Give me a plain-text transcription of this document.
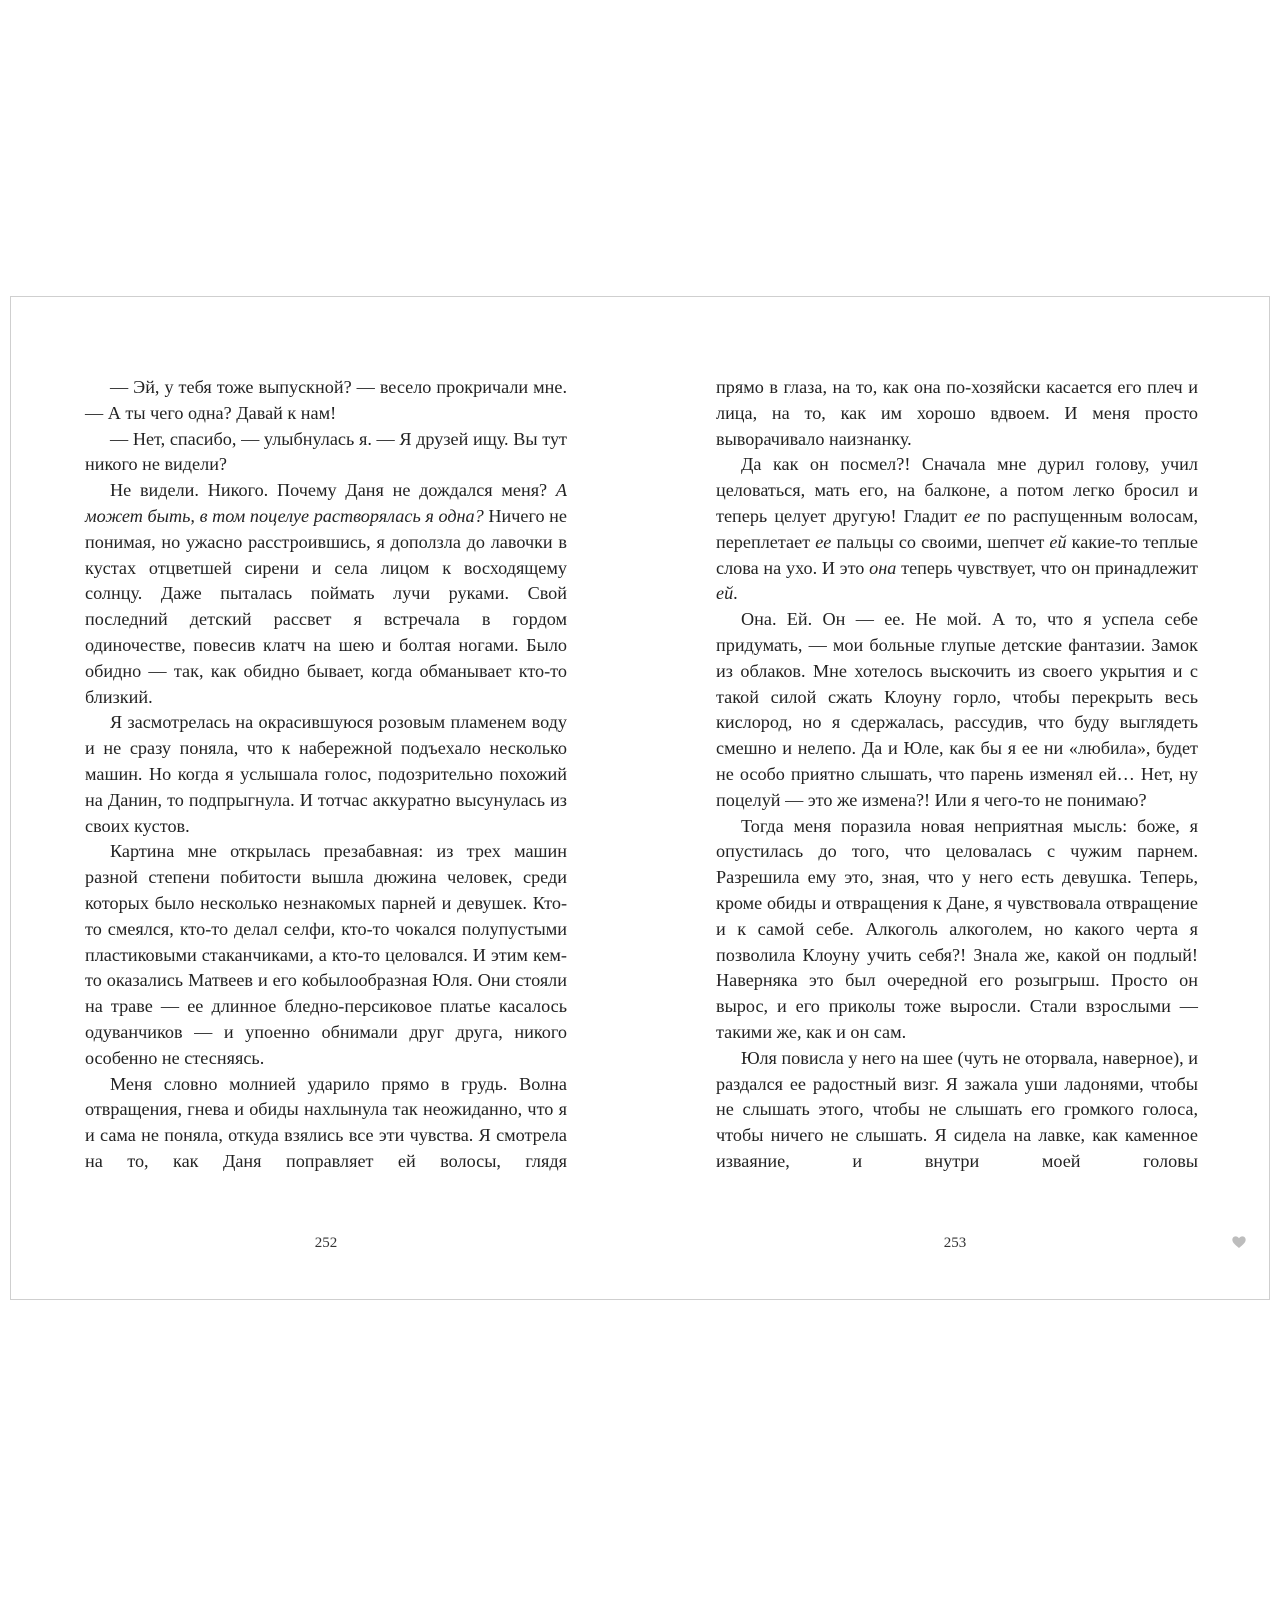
— Эй, у тебя тоже выпускной? — весело прокричали мне. — А ты чего одна? Давай к нам!

— Нет, спасибо, — улыбнулась я. — Я друзей ищу. Вы тут никого не видели?

Не видели. Никого. Почему Даня не дождался меня? А может быть, в том поцелуе растворялась я одна? Ничего не понимая, но ужасно расстроившись, я доползла до лавочки в кустах отцветшей сирени и села лицом к восходящему солнцу. Даже пыталась поймать лучи руками. Свой последний детский рассвет я встречала в гордом одиночестве, повесив клатч на шею и болтая ногами. Было обидно — так, как обидно бывает, когда обманывает кто-то близкий.

Я засмотрелась на окрасившуюся розовым пламенем воду и не сразу поняла, что к набережной подъехало несколько машин. Но когда я услышала голос, подозрительно похожий на Данин, то подпрыгнула. И тотчас аккуратно высунулась из своих кустов.

Картина мне открылась презабавная: из трех машин разной степени побитости вышла дюжина человек, среди которых было несколько незнакомых парней и девушек. Кто-то смеялся, кто-то делал селфи, кто-то чокался полупустыми пластиковыми стаканчиками, а кто-то целовался. И этим кем-то оказались Матвеев и его кобылообразная Юля. Они стояли на траве — ее длинное бледно-персиковое платье касалось одуванчиков — и упоенно обнимали друг друга, никого особенно не стесняясь.

Меня словно молнией ударило прямо в грудь. Волна отвращения, гнева и обиды нахлынула так неожиданно, что я и сама не поняла, откуда взялись все эти чувства. Я смотрела на то, как Даня поправляет ей волосы, глядя

252

прямо в глаза, на то, как она по-хозяйски касается его плеч и лица, на то, как им хорошо вдвоем. И меня просто выворачивало наизнанку.

Да как он посмел?! Сначала мне дурил голову, учил целоваться, мать его, на балконе, а потом легко бросил и теперь целует другую! Гладит ее по распущенным волосам, переплетает ее пальцы со своими, шепчет ей какие-то теплые слова на ухо. И это она теперь чувствует, что он принадлежит ей.

Она. Ей. Он — ее. Не мой. А то, что я успела себе придумать, — мои больные глупые детские фантазии. Замок из облаков. Мне хотелось выскочить из своего укрытия и с такой силой сжать Клоуну горло, чтобы перекрыть весь кислород, но я сдержалась, рассудив, что буду выглядеть смешно и нелепо. Да и Юле, как бы я ее ни «любила», будет не особо приятно слышать, что парень изменял ей… Нет, ну поцелуй — это же измена?! Или я чего-то не понимаю?

Тогда меня поразила новая неприятная мысль: боже, я опустилась до того, что целовалась с чужим парнем. Разрешила ему это, зная, что у него есть девушка. Теперь, кроме обиды и отвращения к Дане, я чувствовала отвращение и к самой себе. Алкоголь алкоголем, но какого черта я позволила Клоуну учить себя?! Знала же, какой он подлый! Наверняка это был очередной его розыгрыш. Просто он вырос, и его приколы тоже выросли. Стали взрослыми — такими же, как и он сам.

Юля повисла у него на шее (чуть не оторвала, наверное), и раздался ее радостный визг. Я зажала уши ладонями, чтобы не слышать этого, чтобы не слышать его громкого голоса, чтобы ничего не слышать. Я сидела на лавке, как каменное изваяние, и внутри моей головы

253
